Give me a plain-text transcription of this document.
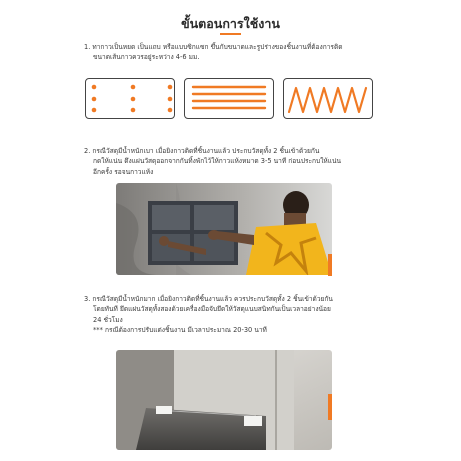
ขั้นตอนการใช้งาน

1. ทากาวเป็นหยด เป็นแถบ หรือแบบซิกแซก ขึ้นกับขนาดและรูปร่างของชิ้นงานที่ต้องการติด
ขนาดเส้นกาวควรอยู่ระหว่าง 4-6 มม.

2. กรณีวัสดุมีน้ำหนักเบา เมื่อยิงกาวติดที่ชิ้นงานแล้ว ประกบวัสดุทั้ง 2 ชิ้นเข้าด้วยกัน
กดให้แน่น ดึงแผ่นวัสดุออกจากกันทิ้งพักไว้ให้กาวแห้งหมาด 3-5 นาที ก่อนประกบให้แน่น
อีกครั้ง รอจนกาวแห้ง

3. กรณีวัสดุมีน้ำหนักมาก เมื่อยิงกาวติดที่ชิ้นงานแล้ว ควรประกบวัสดุทั้ง 2 ชิ้นเข้าด้วยกัน
โดยทันที ยึดแผ่นวัสดุทั้งสองด้วยเครื่องมือจับยึดให้วัสดุแนบสนิทกันเป็นเวลาอย่างน้อย
24 ชั่วโมง
*** กรณีต้องการปรับแต่งชิ้นงาน มีเวลาประมาณ 20-30 นาที
